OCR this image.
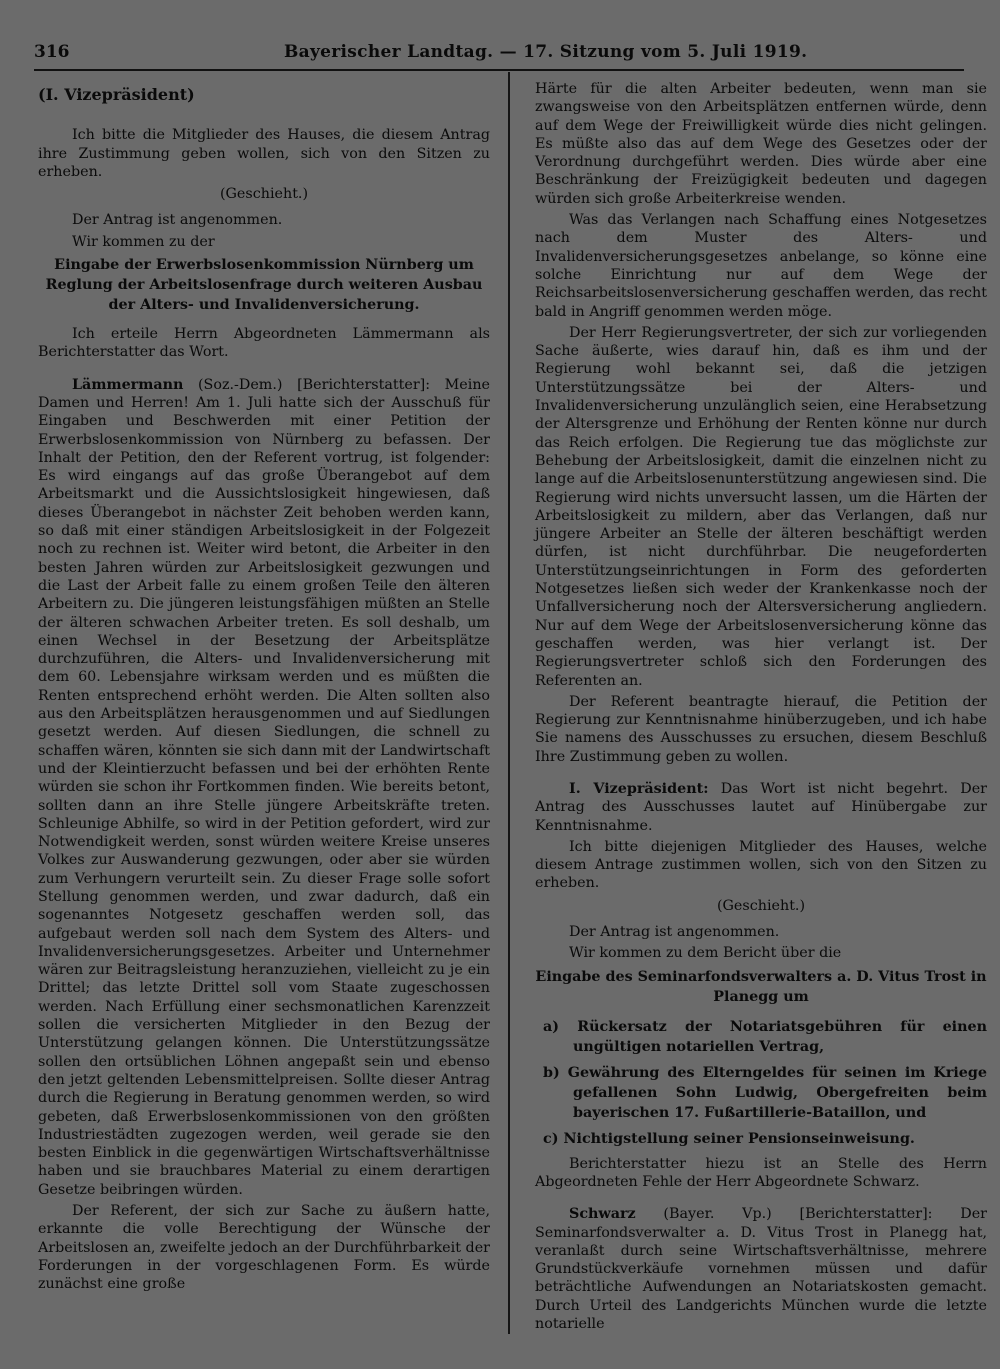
316	Bayerischer Landtag. — 17. Sitzung vom 5. Juli 1919.

(I. Vizepräsident)

Ich bitte die Mitglieder des Hauses, die diesem Antrag ihre Zustimmung geben wollen, sich von den Sitzen zu erheben.

(Geschieht.)

Der Antrag ist angenommen.

Wir kommen zu der

Eingabe der Erwerbslosenkommission Nürnberg um Reglung der Arbeitslosenfrage durch weiteren Ausbau der Alters- und Invalidenversicherung.

Ich erteile Herrn Abgeordneten Lämmermann als Berichterstatter das Wort.

Lämmermann (Soz.-Dem.) [Berichterstatter]: Meine Damen und Herren! Am 1. Juli hatte sich der Ausschuß für Eingaben und Beschwerden mit einer Petition der Erwerbslosenkommission von Nürnberg zu befassen. Der Inhalt der Petition, den der Referent vortrug, ist folgender: Es wird eingangs auf das große Überangebot auf dem Arbeitsmarkt und die Aussichtslosigkeit hingewiesen, daß dieses Überangebot in nächster Zeit behoben werden kann, so daß mit einer ständigen Arbeitslosigkeit in der Folgezeit noch zu rechnen ist. Weiter wird betont, die Arbeiter in den besten Jahren würden zur Arbeitslosigkeit gezwungen und die Last der Arbeit falle zu einem großen Teile den älteren Arbeitern zu. Die jüngeren leistungsfähigen müßten an Stelle der älteren schwachen Arbeiter treten. Es soll deshalb, um einen Wechsel in der Besetzung der Arbeitsplätze durchzuführen, die Alters- und Invalidenversicherung mit dem 60. Lebensjahre wirksam werden und es müßten die Renten entsprechend erhöht werden. Die Alten sollten also aus den Arbeitsplätzen herausgenommen und auf Siedlungen gesetzt werden. Auf diesen Siedlungen, die schnell zu schaffen wären, könnten sie sich dann mit der Landwirtschaft und der Kleintierzucht befassen und bei der erhöhten Rente würden sie schon ihr Fortkommen finden. Wie bereits betont, sollten dann an ihre Stelle jüngere Arbeitskräfte treten. Schleunige Abhilfe, so wird in der Petition gefordert, wird zur Notwendigkeit werden, sonst würden weitere Kreise unseres Volkes zur Auswanderung gezwungen, oder aber sie würden zum Verhungern verurteilt sein. Zu dieser Frage solle sofort Stellung genommen werden, und zwar dadurch, daß ein sogenanntes Notgesetz geschaffen werden soll, das aufgebaut werden soll nach dem System des Alters- und Invalidenversicherungsgesetzes. Arbeiter und Unternehmer wären zur Beitragsleistung heranzuziehen, vielleicht zu je ein Drittel; das letzte Drittel soll vom Staate zugeschossen werden. Nach Erfüllung einer sechsmonatlichen Karenzzeit sollen die versicherten Mitglieder in den Bezug der Unterstützung gelangen können. Die Unterstützungssätze sollen den ortsüblichen Löhnen angepaßt sein und ebenso den jetzt geltenden Lebensmittelpreisen. Sollte dieser Antrag durch die Regierung in Beratung genommen werden, so wird gebeten, daß Erwerbslosenkommissionen von den größten Industriestädten zugezogen werden, weil gerade sie den besten Einblick in die gegenwärtigen Wirtschaftsverhältnisse haben und sie brauchbares Material zu einem derartigen Gesetze beibringen würden.

Der Referent, der sich zur Sache zu äußern hatte, erkannte die volle Berechtigung der Wünsche der Arbeitslosen an, zweifelte jedoch an der Durchführbarkeit der Forderungen in der vorgeschlagenen Form. Es würde zunächst eine große

Härte für die alten Arbeiter bedeuten, wenn man sie zwangsweise von den Arbeitsplätzen entfernen würde, denn auf dem Wege der Freiwilligkeit würde dies nicht gelingen. Es müßte also das auf dem Wege des Gesetzes oder der Verordnung durchgeführt werden. Dies würde aber eine Beschränkung der Freizügigkeit bedeuten und dagegen würden sich große Arbeiterkreise wenden.

Was das Verlangen nach Schaffung eines Notgesetzes nach dem Muster des Alters- und Invalidenversicherungsgesetzes anbelange, so könne eine solche Einrichtung nur auf dem Wege der Reichsarbeitslosenversicherung geschaffen werden, das recht bald in Angriff genommen werden möge.

Der Herr Regierungsvertreter, der sich zur vorliegenden Sache äußerte, wies darauf hin, daß es ihm und der Regierung wohl bekannt sei, daß die jetzigen Unterstützungssätze bei der Alters- und Invalidenversicherung unzulänglich seien, eine Herabsetzung der Altersgrenze und Erhöhung der Renten könne nur durch das Reich erfolgen. Die Regierung tue das möglichste zur Behebung der Arbeitslosigkeit, damit die einzelnen nicht zu lange auf die Arbeitslosenunterstützung angewiesen sind. Die Regierung wird nichts unversucht lassen, um die Härten der Arbeitslosigkeit zu mildern, aber das Verlangen, daß nur jüngere Arbeiter an Stelle der älteren beschäftigt werden dürfen, ist nicht durchführbar. Die neugeforderten Unterstützungseinrichtungen in Form des geforderten Notgesetzes ließen sich weder der Krankenkasse noch der Unfallversicherung noch der Altersversicherung angliedern. Nur auf dem Wege der Arbeitslosenversicherung könne das geschaffen werden, was hier verlangt ist. Der Regierungsvertreter schloß sich den Forderungen des Referenten an.

Der Referent beantragte hierauf, die Petition der Regierung zur Kenntnisnahme hinüberzugeben, und ich habe Sie namens des Ausschusses zu ersuchen, diesem Beschluß Ihre Zustimmung geben zu wollen.

I. Vizepräsident: Das Wort ist nicht begehrt. Der Antrag des Ausschusses lautet auf Hinübergabe zur Kenntnisnahme.

Ich bitte diejenigen Mitglieder des Hauses, welche diesem Antrage zustimmen wollen, sich von den Sitzen zu erheben.

(Geschieht.)

Der Antrag ist angenommen.

Wir kommen zu dem Bericht über die

Eingabe des Seminarfondsverwalters a. D. Vitus Trost in Planegg um

a) Rückersatz der Notariatsgebühren für einen ungültigen notariellen Vertrag,

b) Gewährung des Elterngeldes für seinen im Kriege gefallenen Sohn Ludwig, Obergefreiten beim bayerischen 17. Fußartillerie-Bataillon, und

c) Nichtigstellung seiner Pensionseinweisung.

Berichterstatter hiezu ist an Stelle des Herrn Abgeordneten Fehle der Herr Abgeordnete Schwarz.

Schwarz (Bayer. Vp.) [Berichterstatter]: Der Seminarfondsverwalter a. D. Vitus Trost in Planegg hat, veranlaßt durch seine Wirtschaftsverhältnisse, mehrere Grundstückverkäufe vornehmen müssen und dafür beträchtliche Aufwendungen an Notariatskosten gemacht. Durch Urteil des Landgerichts München wurde die letzte notarielle
